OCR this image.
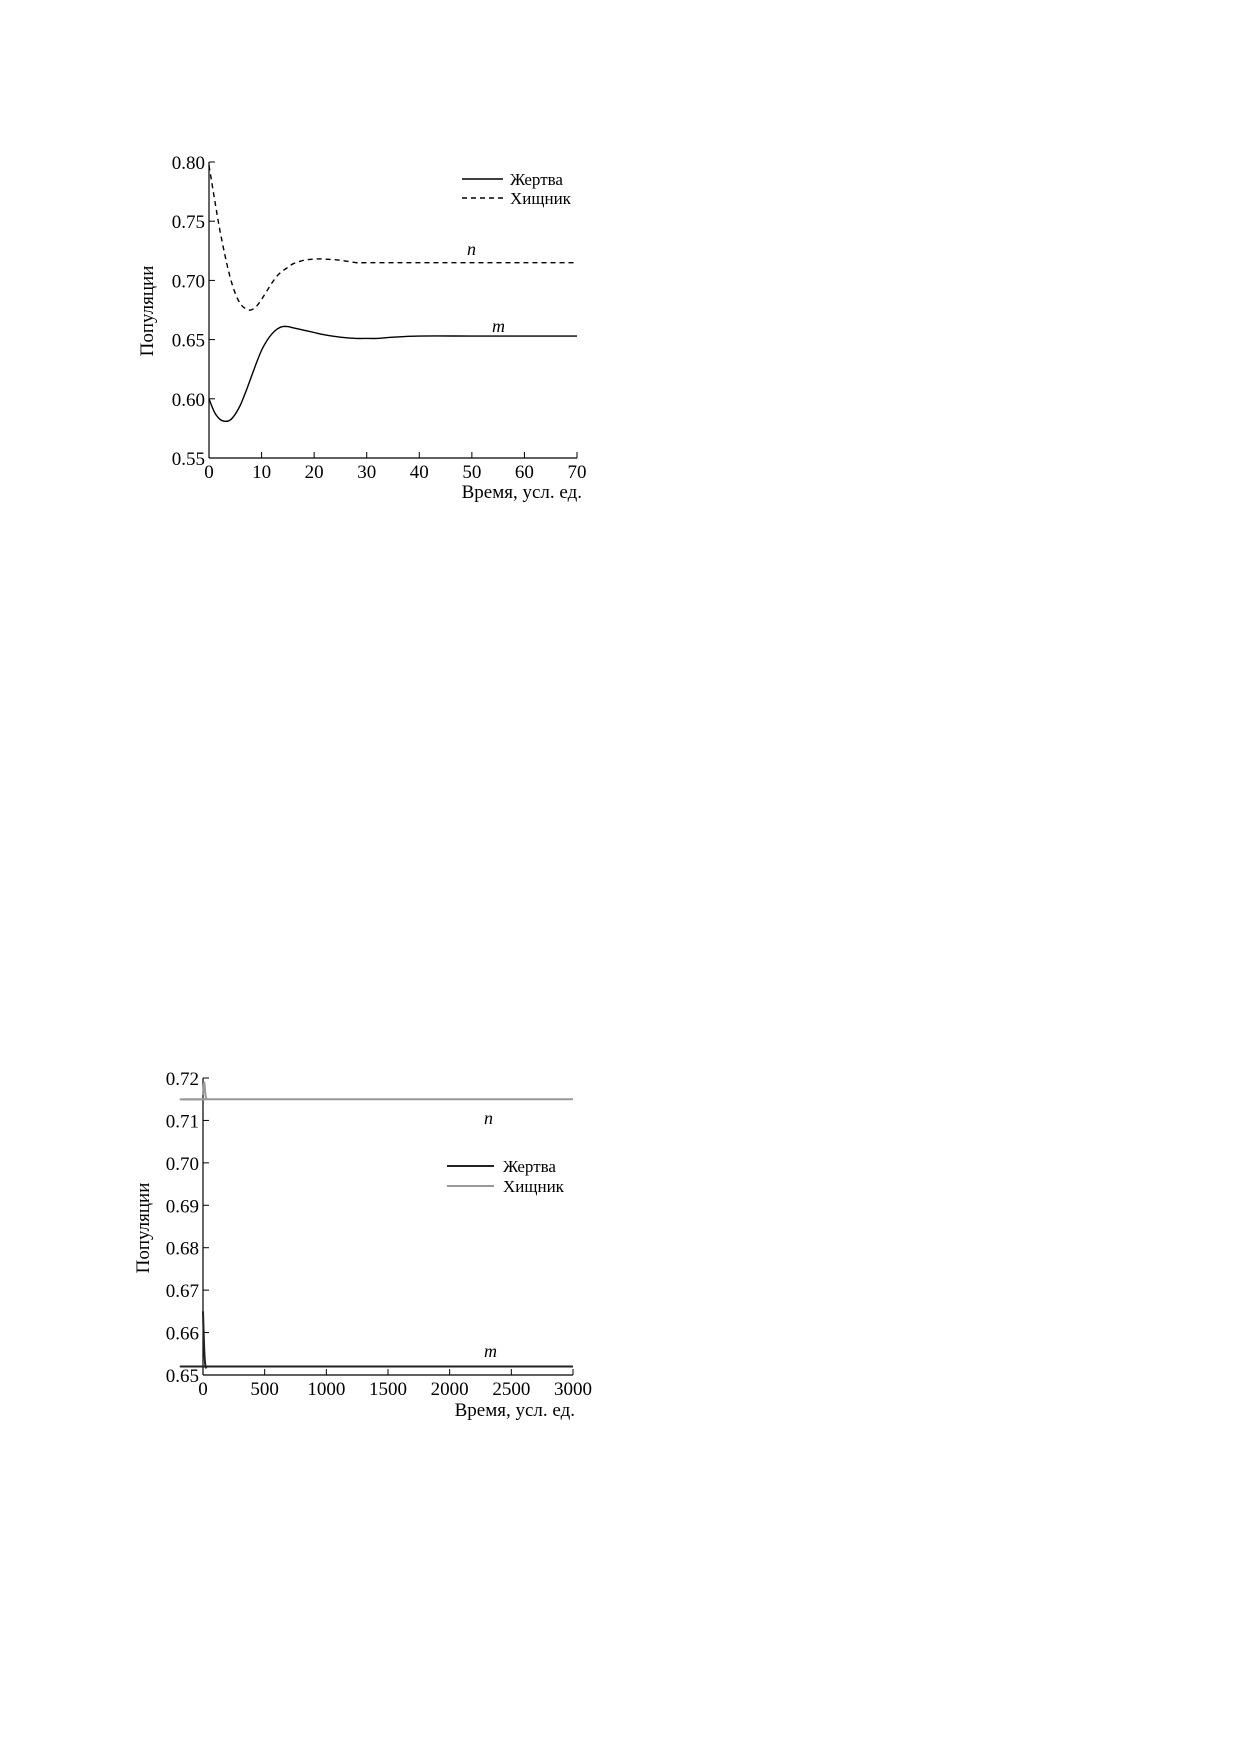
0.55
0.60
0.65
0.70
0.75
0.80
0 10 20 30 40 50 60 70
Время, усл. ед.
Популяции
Жертва
Хищник
n
m
0.65
0.66
0.67
0.68
0.69
0.70
0.71
0.72
0 500 1000 1500 2000 2500 3000
Время, усл. ед.
Популяции
Жертва
Хищник
n
m
